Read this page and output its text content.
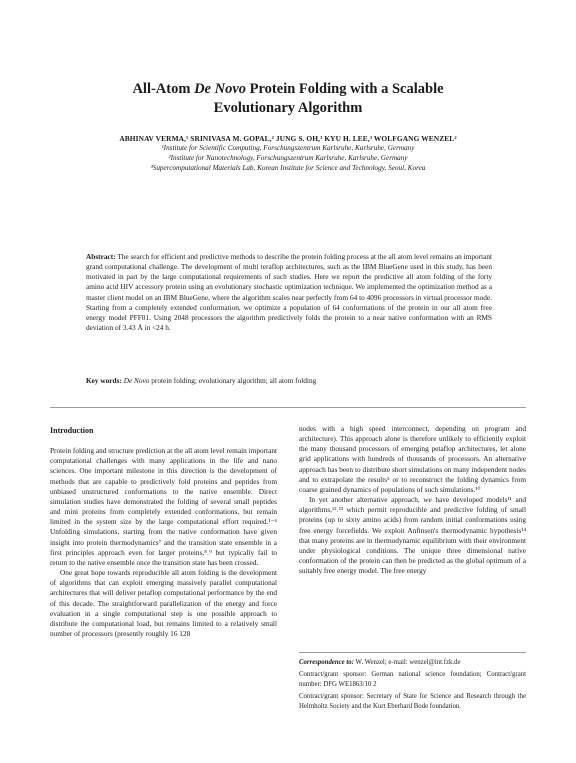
All-Atom De Novo Protein Folding with a Scalable
Evolutionary Algorithm
ABHINAV VERMA,¹ SRINIVASA M. GOPAL,² JUNG S. OH,³ KYU H. LEE,³ WOLFGANG WENZEL²
¹Institute for Scientific Computing, Forschungszentrum Karlsruhe, Karlsruhe, Germany
²Institute for Nanotechnology, Forschungszentrum Karlsruhe, Karlsruhe, Germany
³Supercomputational Materials Lab, Korean Institute for Science and Technology, Seoul, Korea
Abstract: The search for efficient and predictive methods to describe the protein folding process at the all atom level remains an important grand computational challenge. The development of multi teraflop architectures, such as the IBM BlueGene used in this study, has been motivated in part by the large computational requirements of such studies. Here we report the predictive all atom folding of the forty amino acid HIV accessory protein using an evolutionary stochastic optimization technique. We implemented the optimization method as a master client model on an IBM BlueGene, where the algorithm scales near perfectly from 64 to 4096 processors in virtual processor mode. Starting from a completely extended conformation, we optimize a population of 64 conformations of the protein in our all atom free energy model PFF01. Using 2048 processors the algorithm predictively folds the protein to a near native conformation with an RMS deviation of 3.43 Å in <24 h.
Key words: De Novo protein folding; evolutionary algorithm; all atom folding
Introduction

Protein folding and structure prediction at the all atom level remain important computational challenges with many applications in the life and nano sciences. One important milestone in this direction is the development of methods that are capable to predictively fold proteins and peptides from unbiased unstructured conformations to the native ensemble. Direct simulation studies have demonstrated the folding of several small peptides and mini proteins from completely extended conformations, but remain limited in the system size by the large computational effort required.¹⁻⁶ Unfolding simulations, starting from the native conformation have given insight into protein thermodynamics⁷ and the transition state ensemble in a first principles approach even for larger proteins,⁸˒⁹ but typically fail to return to the native ensemble once the transition state has been crossed.

One great hope towards reproducible all atom folding is the development of algorithms that can exploit emerging massively parallel computational architectures that will deliver petaflop computational performance by the end of this decade. The straightforward parallelization of the energy and force evaluation in a single computational step is one possible approach to distribute the computational load, but remains limited to a relatively small number of processors (presently roughly 16 128

nodes with a high speed interconnect, depending on program and architecture). This approach alone is therefore unlikely to efficiently exploit the many thousand processors of emerging petaflop architectures, let alone grid applications with hundreds of thousands of processors. An alternative approach has been to distribute short simulations on many independent nodes and to extrapolate the results⁵ or to reconstruct the folding dynamics from coarse grained dynamics of populations of such simulations.¹⁰

In yet another alternative approach, we have developed models¹¹ and algorithms,¹²˒¹³ which permit reproducible and predictive folding of small proteins (up to sixty amino acids) from random initial conformations using free energy forcefields. We exploit Anfinsen's thermodynamic hypothesis¹⁴ that many proteins are in thermodynamic equilibrium with their environment under physiological conditions. The unique three dimensional native conformation of the protein can then be predicted as the global optimum of a suitably free energy model. The free energy

Correspondence to: W. Wenzel; e-mail: wenzel@int.fzk.de

Contract/grant sponsor: German national science foundation; Contract/grant number: DFG WE1863/10 2

Contract/grant sponsor: Secretary of State for Science and Research through the Helmholtz Society and the Kurt Eberhard Bode foundation.
